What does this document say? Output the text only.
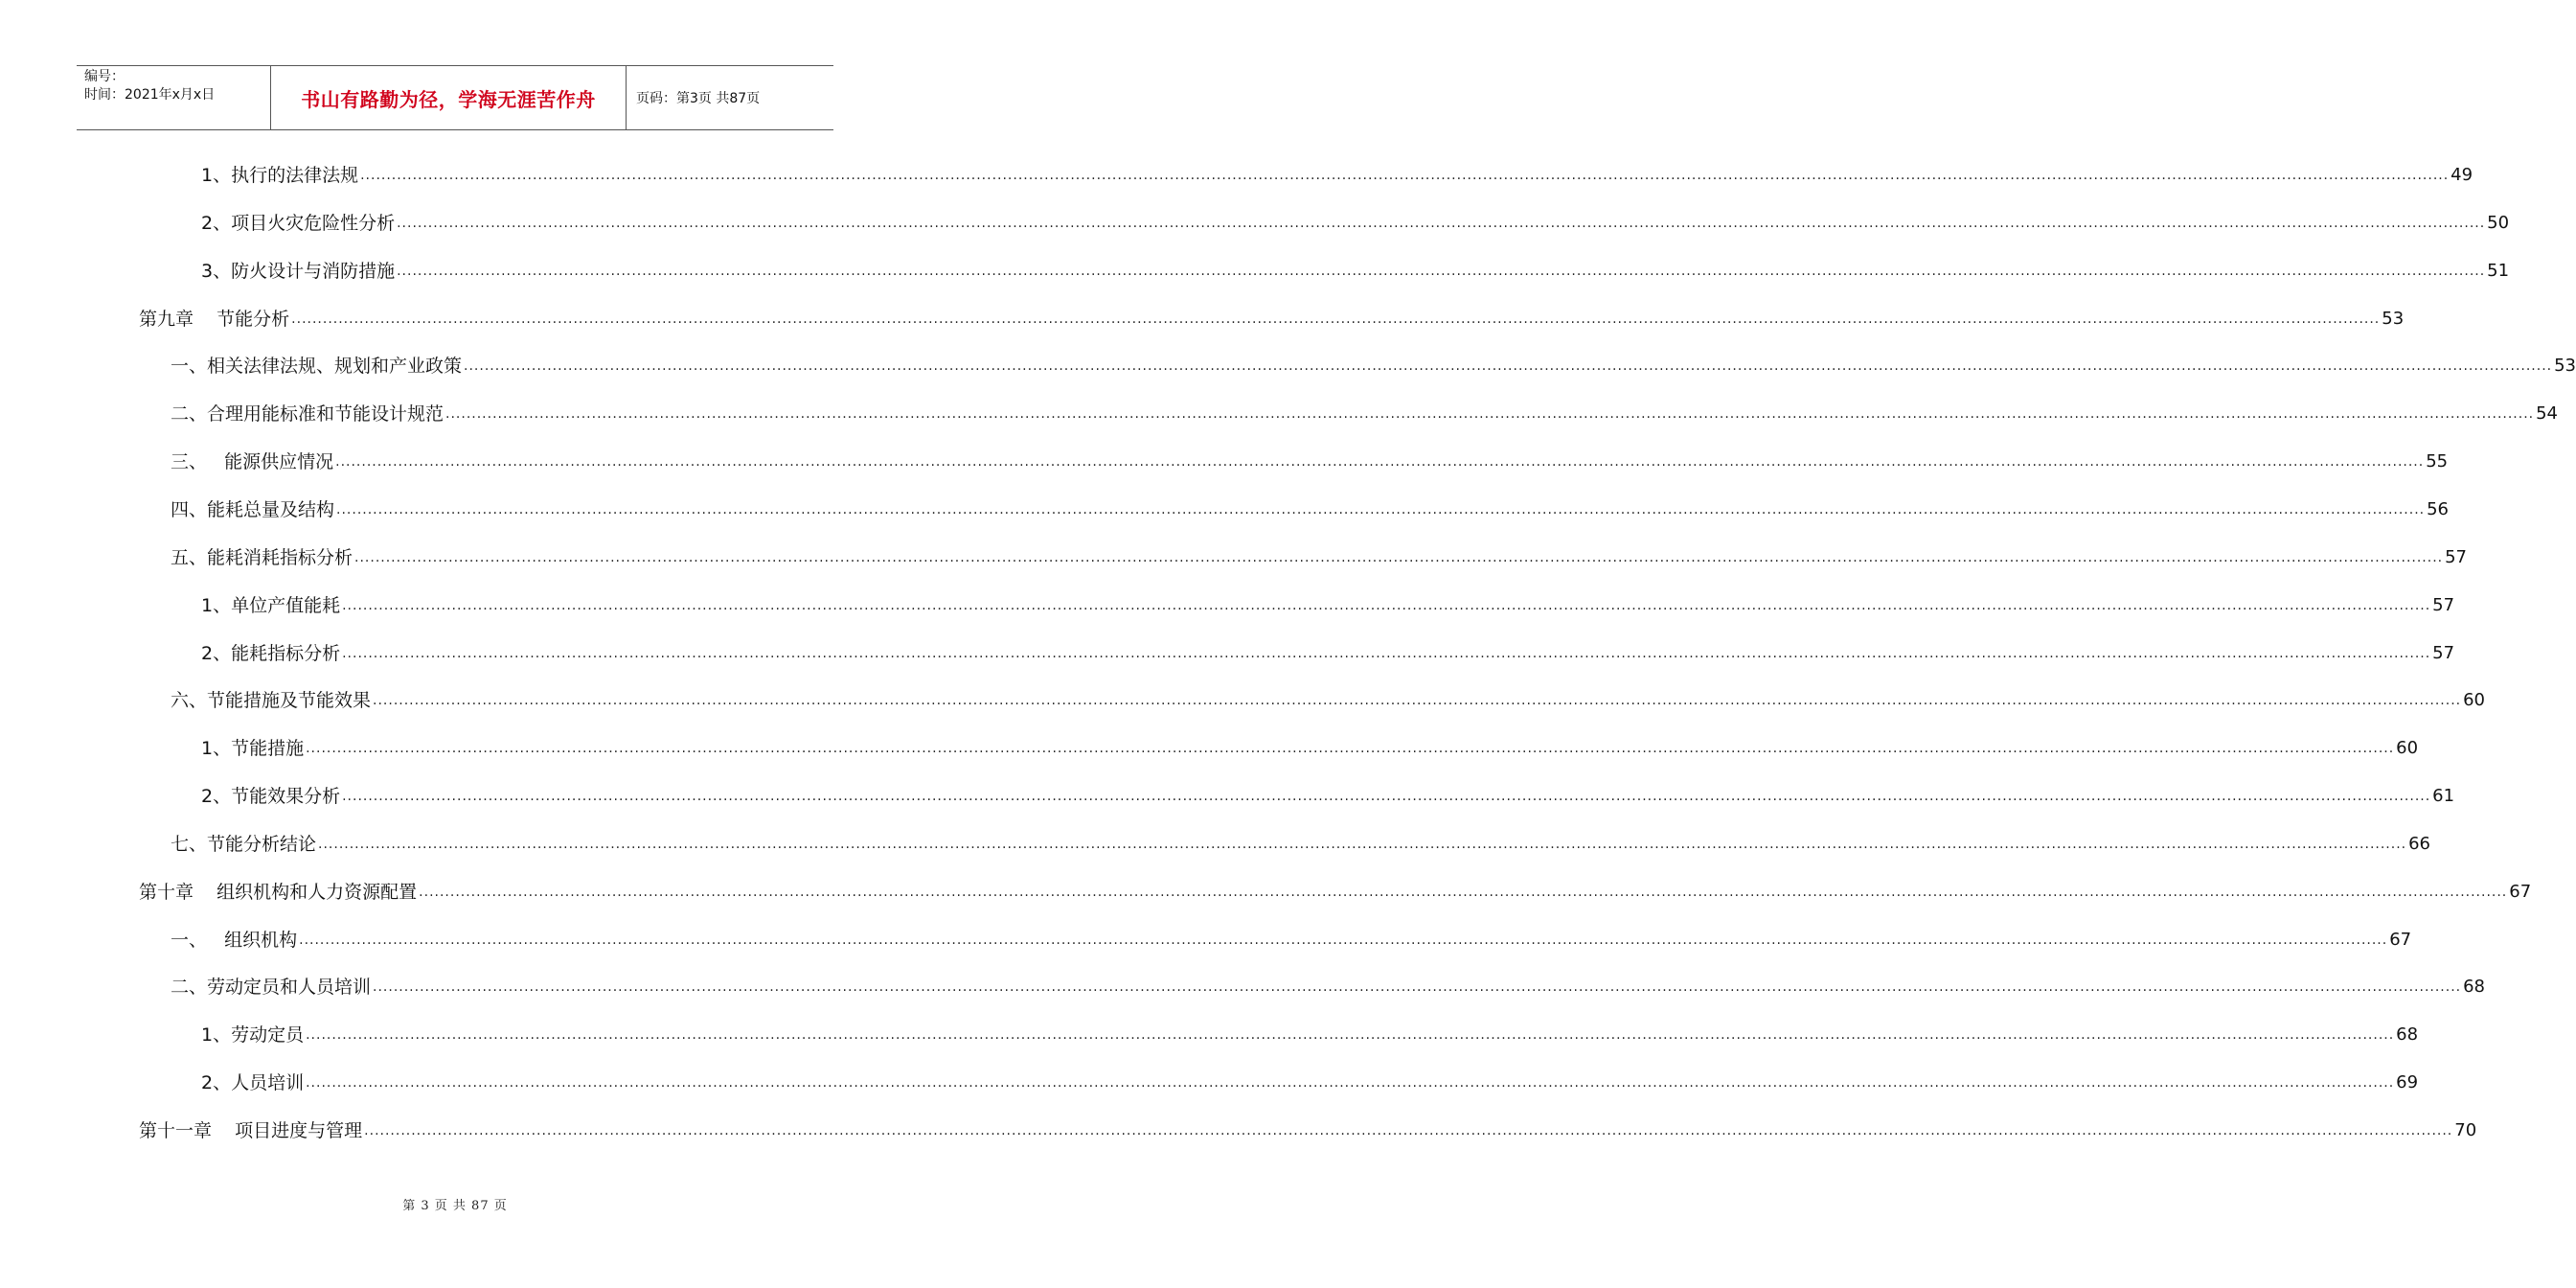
编号：
时间：2021年x月x日	书山有路勤为径，学海无涯苦作舟	页码：第3页 共87页
1、执行的法律法规 ................................................................................................................................................................................................................................................................................................................................................................................................................ 49
2、项目火灾危险性分析 ................................................................................................................................................................................................................................................................................................................................................................................................................ 50
3、防火设计与消防措施 ................................................................................................................................................................................................................................................................................................................................................................................................................ 51
第九章    节能分析 ................................................................................................................................................................................................................................................................................................................................................................................................................ 53
一、相关法律法规、规划和产业政策 ................................................................................................................................................................................................................................................................................................................................................................................................................ 53
二、合理用能标准和节能设计规范 ................................................................................................................................................................................................................................................................................................................................................................................................................ 54
三、   能源供应情况 ................................................................................................................................................................................................................................................................................................................................................................................................................ 55
四、能耗总量及结构 ................................................................................................................................................................................................................................................................................................................................................................................................................ 56
五、能耗消耗指标分析 ................................................................................................................................................................................................................................................................................................................................................................................................................ 57
1、单位产值能耗 ................................................................................................................................................................................................................................................................................................................................................................................................................ 57
2、能耗指标分析 ................................................................................................................................................................................................................................................................................................................................................................................................................ 57
六、节能措施及节能效果 ................................................................................................................................................................................................................................................................................................................................................................................................................ 60
1、节能措施 ................................................................................................................................................................................................................................................................................................................................................................................................................ 60
2、节能效果分析 ................................................................................................................................................................................................................................................................................................................................................................................................................ 61
七、节能分析结论 ................................................................................................................................................................................................................................................................................................................................................................................................................ 66
第十章    组织机构和人力资源配置 ................................................................................................................................................................................................................................................................................................................................................................................................................ 67
一、   组织机构 ................................................................................................................................................................................................................................................................................................................................................................................................................ 67
二、劳动定员和人员培训 ................................................................................................................................................................................................................................................................................................................................................................................................................ 68
1、劳动定员 ................................................................................................................................................................................................................................................................................................................................................................................................................ 68
2、人员培训 ................................................................................................................................................................................................................................................................................................................................................................................................................ 69
第十一章    项目进度与管理 ................................................................................................................................................................................................................................................................................................................................................................................................................ 70
第 3 页 共 87 页
